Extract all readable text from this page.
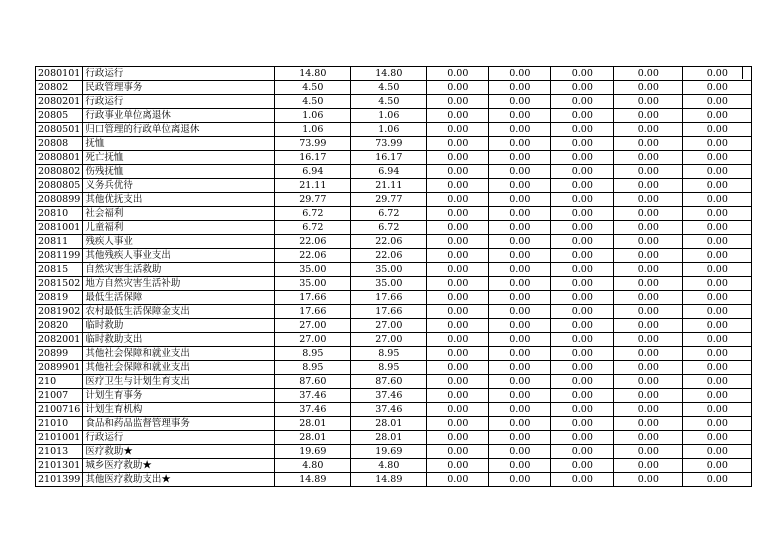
2080101	行政运行	14.80	14.80	0.00	0.00	0.00	0.00	0.00
20802	民政管理事务	4.50	4.50	0.00	0.00	0.00	0.00	0.00
2080201	行政运行	4.50	4.50	0.00	0.00	0.00	0.00	0.00
20805	行政事业单位离退休	1.06	1.06	0.00	0.00	0.00	0.00	0.00
2080501	归口管理的行政单位离退休	1.06	1.06	0.00	0.00	0.00	0.00	0.00
20808	抚恤	73.99	73.99	0.00	0.00	0.00	0.00	0.00
2080801	死亡抚恤	16.17	16.17	0.00	0.00	0.00	0.00	0.00
2080802	伤残抚恤	6.94	6.94	0.00	0.00	0.00	0.00	0.00
2080805	义务兵优待	21.11	21.11	0.00	0.00	0.00	0.00	0.00
2080899	其他优抚支出	29.77	29.77	0.00	0.00	0.00	0.00	0.00
20810	社会福利	6.72	6.72	0.00	0.00	0.00	0.00	0.00
2081001	儿童福利	6.72	6.72	0.00	0.00	0.00	0.00	0.00
20811	残疾人事业	22.06	22.06	0.00	0.00	0.00	0.00	0.00
2081199	其他残疾人事业支出	22.06	22.06	0.00	0.00	0.00	0.00	0.00
20815	自然灾害生活救助	35.00	35.00	0.00	0.00	0.00	0.00	0.00
2081502	地方自然灾害生活补助	35.00	35.00	0.00	0.00	0.00	0.00	0.00
20819	最低生活保障	17.66	17.66	0.00	0.00	0.00	0.00	0.00
2081902	农村最低生活保障金支出	17.66	17.66	0.00	0.00	0.00	0.00	0.00
20820	临时救助	27.00	27.00	0.00	0.00	0.00	0.00	0.00
2082001	临时救助支出	27.00	27.00	0.00	0.00	0.00	0.00	0.00
20899	其他社会保障和就业支出	8.95	8.95	0.00	0.00	0.00	0.00	0.00
2089901	其他社会保障和就业支出	8.95	8.95	0.00	0.00	0.00	0.00	0.00
210	医疗卫生与计划生育支出	87.60	87.60	0.00	0.00	0.00	0.00	0.00
21007	计划生育事务	37.46	37.46	0.00	0.00	0.00	0.00	0.00
2100716	计划生育机构	37.46	37.46	0.00	0.00	0.00	0.00	0.00
21010	食品和药品监督管理事务	28.01	28.01	0.00	0.00	0.00	0.00	0.00
2101001	行政运行	28.01	28.01	0.00	0.00	0.00	0.00	0.00
21013	医疗救助★	19.69	19.69	0.00	0.00	0.00	0.00	0.00
2101301	城乡医疗救助★	4.80	4.80	0.00	0.00	0.00	0.00	0.00
2101399	其他医疗救助支出★	14.89	14.89	0.00	0.00	0.00	0.00	0.00
